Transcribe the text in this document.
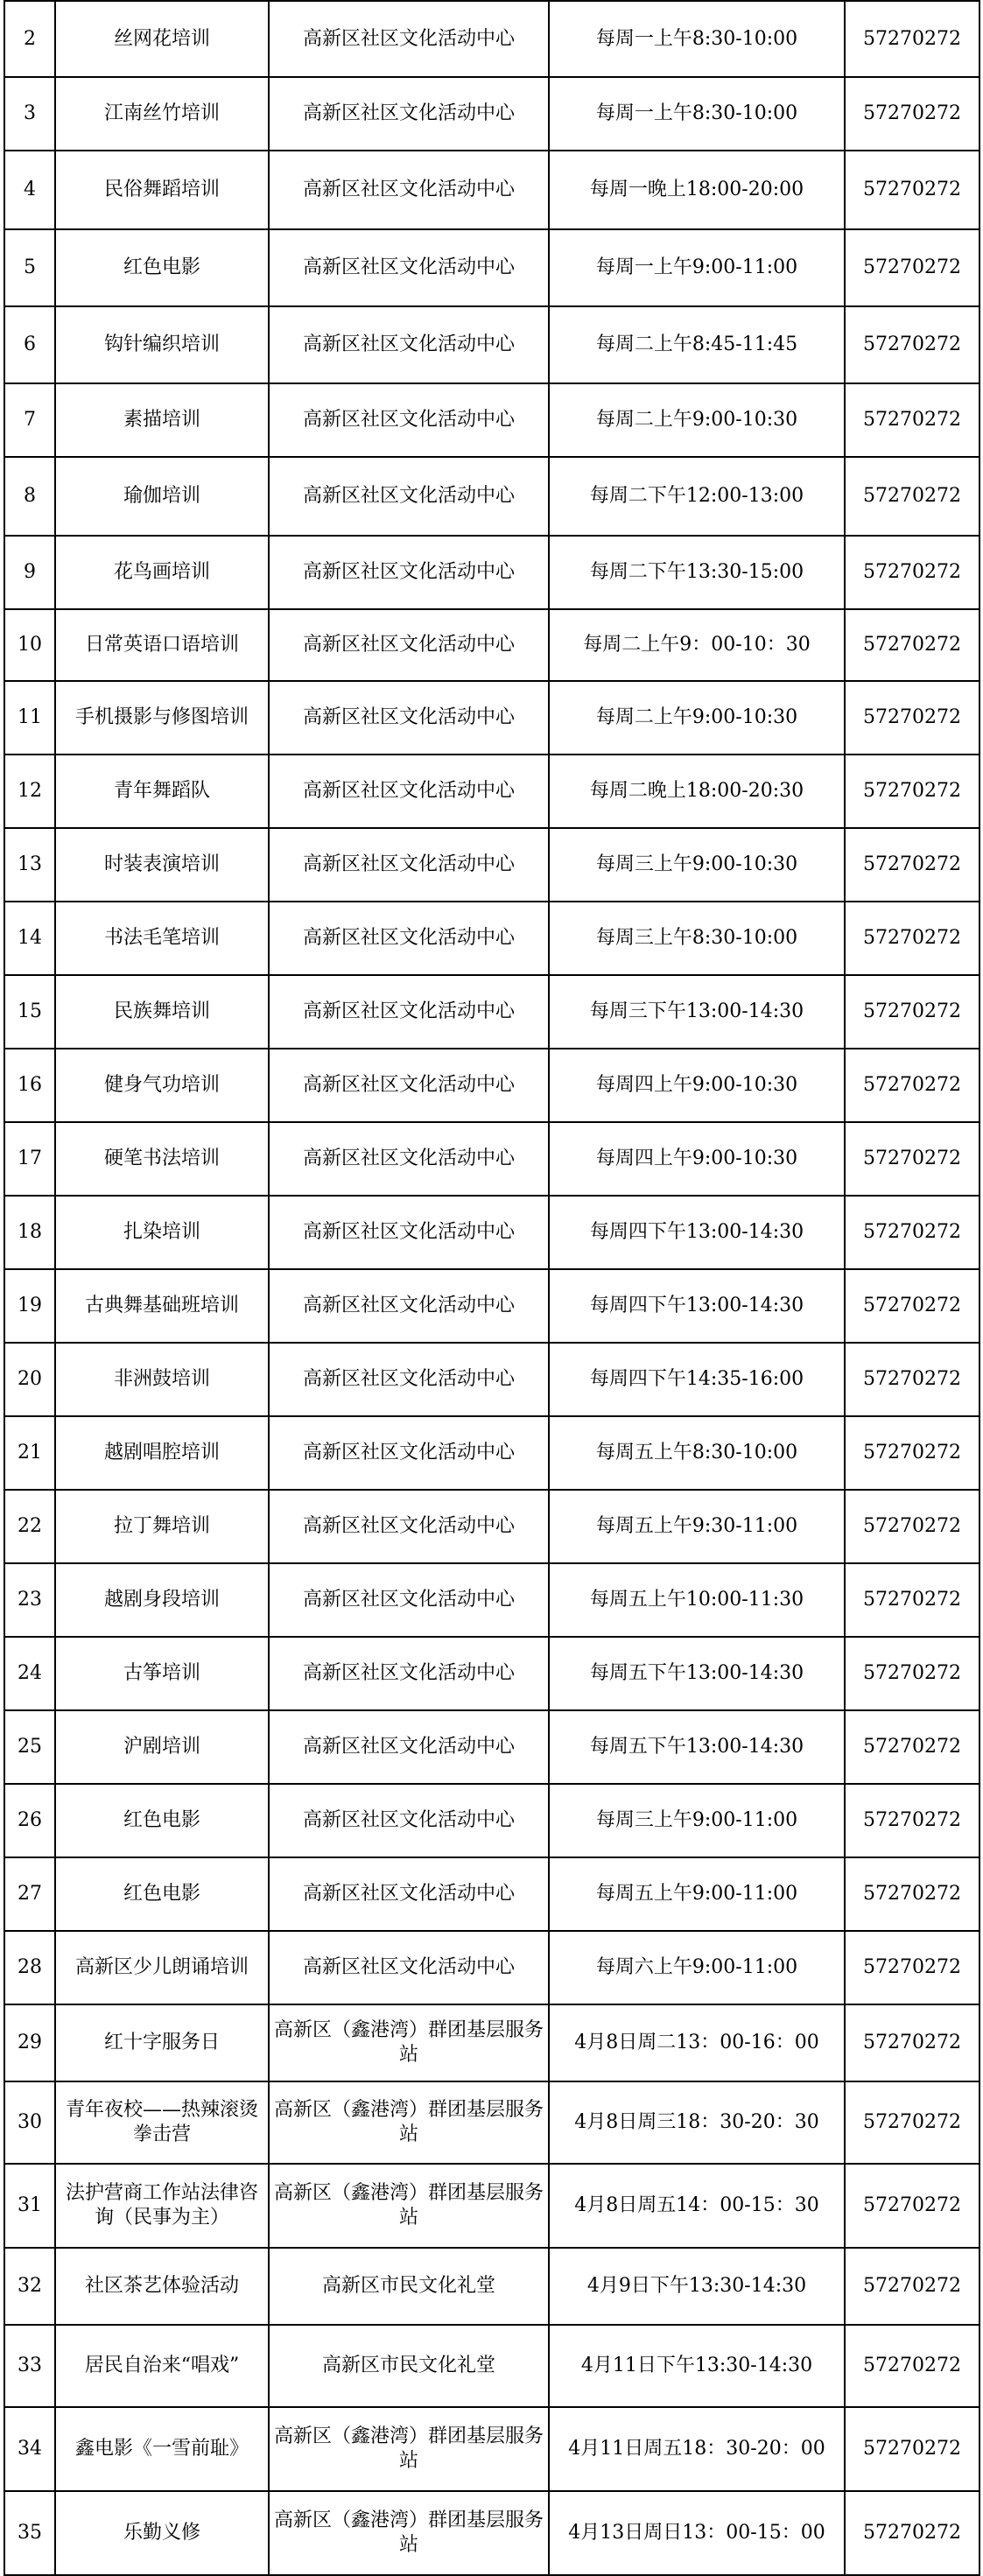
2	丝网花培训	高新区社区文化活动中心	每周一上午8:30-10:00	57270272
3	江南丝竹培训	高新区社区文化活动中心	每周一上午8:30-10:00	57270272
4	民俗舞蹈培训	高新区社区文化活动中心	每周一晚上18:00-20:00	57270272
5	红色电影	高新区社区文化活动中心	每周一上午9:00-11:00	57270272
6	钩针编织培训	高新区社区文化活动中心	每周二上午8:45-11:45	57270272
7	素描培训	高新区社区文化活动中心	每周二上午9:00-10:30	57270272
8	瑜伽培训	高新区社区文化活动中心	每周二下午12:00-13:00	57270272
9	花鸟画培训	高新区社区文化活动中心	每周二下午13:30-15:00	57270272
10	日常英语口语培训	高新区社区文化活动中心	每周二上午9：00-10：30	57270272
11	手机摄影与修图培训	高新区社区文化活动中心	每周二上午9:00-10:30	57270272
12	青年舞蹈队	高新区社区文化活动中心	每周二晚上18:00-20:30	57270272
13	时装表演培训	高新区社区文化活动中心	每周三上午9:00-10:30	57270272
14	书法毛笔培训	高新区社区文化活动中心	每周三上午8:30-10:00	57270272
15	民族舞培训	高新区社区文化活动中心	每周三下午13:00-14:30	57270272
16	健身气功培训	高新区社区文化活动中心	每周四上午9:00-10:30	57270272
17	硬笔书法培训	高新区社区文化活动中心	每周四上午9:00-10:30	57270272
18	扎染培训	高新区社区文化活动中心	每周四下午13:00-14:30	57270272
19	古典舞基础班培训	高新区社区文化活动中心	每周四下午13:00-14:30	57270272
20	非洲鼓培训	高新区社区文化活动中心	每周四下午14:35-16:00	57270272
21	越剧唱腔培训	高新区社区文化活动中心	每周五上午8:30-10:00	57270272
22	拉丁舞培训	高新区社区文化活动中心	每周五上午9:30-11:00	57270272
23	越剧身段培训	高新区社区文化活动中心	每周五上午10:00-11:30	57270272
24	古筝培训	高新区社区文化活动中心	每周五下午13:00-14:30	57270272
25	沪剧培训	高新区社区文化活动中心	每周五下午13:00-14:30	57270272
26	红色电影	高新区社区文化活动中心	每周三上午9:00-11:00	57270272
27	红色电影	高新区社区文化活动中心	每周五上午9:00-11:00	57270272
28	高新区少儿朗诵培训	高新区社区文化活动中心	每周六上午9:00-11:00	57270272
29	红十字服务日	高新区（鑫港湾）群团基层服务站	4月8日周二13：00-16：00	57270272
30	青年夜校——热辣滚烫拳击营	高新区（鑫港湾）群团基层服务站	4月8日周三18：30-20：30	57270272
31	法护营商工作站法律咨询（民事为主）	高新区（鑫港湾）群团基层服务站	4月8日周五14：00-15：30	57270272
32	社区茶艺体验活动	高新区市民文化礼堂	4月9日下午13:30-14:30	57270272
33	居民自治来“唱戏”	高新区市民文化礼堂	4月11日下午13:30-14:30	57270272
34	鑫电影《一雪前耻》	高新区（鑫港湾）群团基层服务站	4月11日周五18：30-20：00	57270272
35	乐勤义修	高新区（鑫港湾）群团基层服务站	4月13日周日13：00-15：00	57270272
